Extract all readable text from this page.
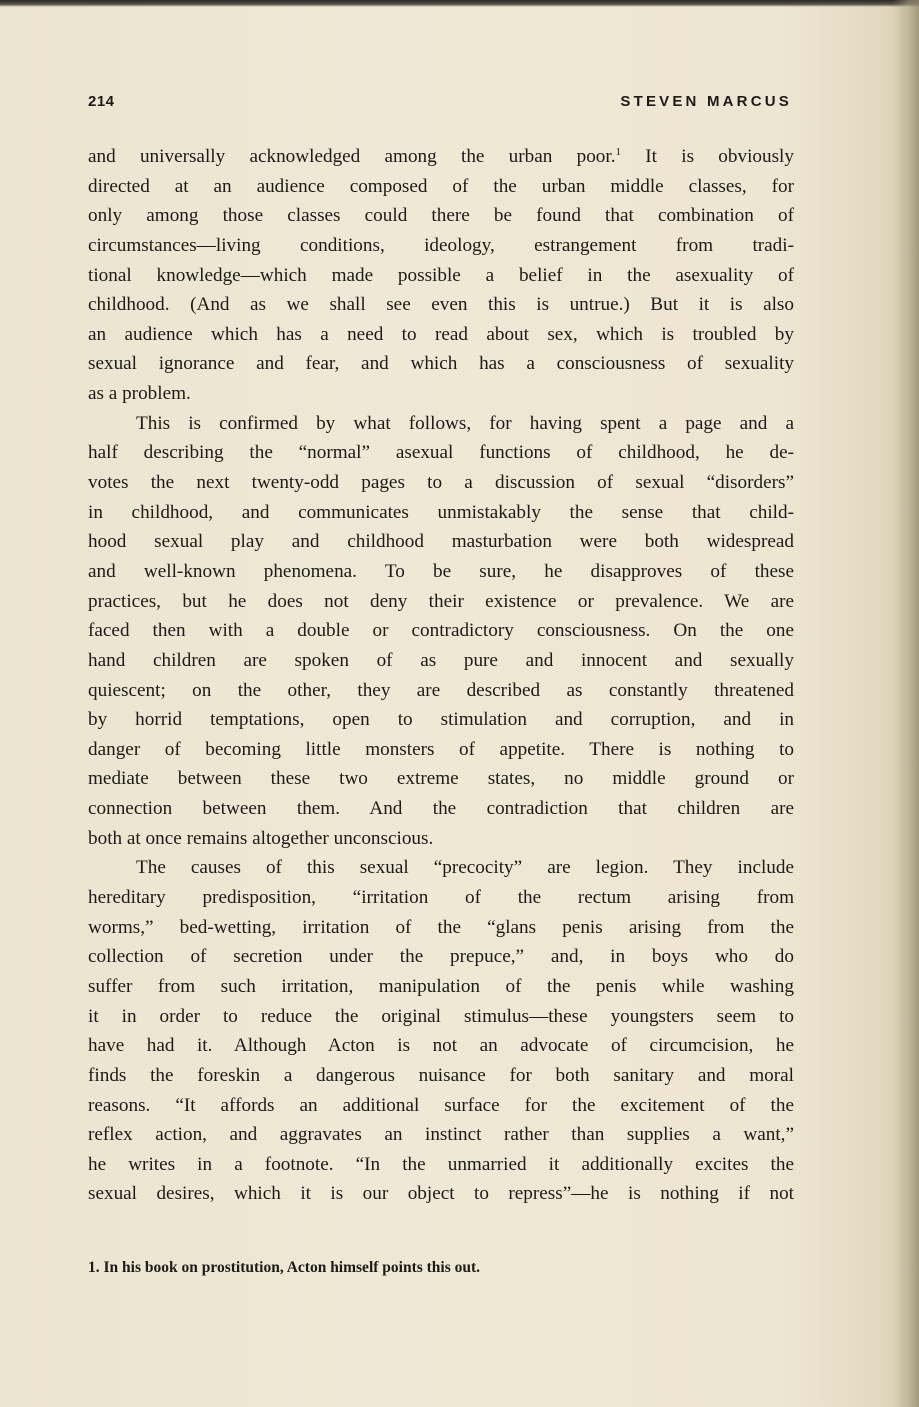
214	STEVEN MARCUS
and universally acknowledged among the urban poor.$^1$ It is obviously
directed at an audience composed of the urban middle classes, for
only among those classes could there be found that combination of
circumstances—living conditions, ideology, estrangement from tradi-
tional knowledge—which made possible a belief in the asexuality of
childhood. (And as we shall see even this is untrue.) But it is also
an audience which has a need to read about sex, which is troubled by
sexual ignorance and fear, and which has a consciousness of sexuality
as a problem.
This is confirmed by what follows, for having spent a page and a
half describing the “normal” asexual functions of childhood, he de-
votes the next twenty-odd pages to a discussion of sexual “disorders”
in childhood, and communicates unmistakably the sense that child-
hood sexual play and childhood masturbation were both widespread
and well-known phenomena. To be sure, he disapproves of these
practices, but he does not deny their existence or prevalence. We are
faced then with a double or contradictory consciousness. On the one
hand children are spoken of as pure and innocent and sexually
quiescent; on the other, they are described as constantly threatened
by horrid temptations, open to stimulation and corruption, and in
danger of becoming little monsters of appetite. There is nothing to
mediate between these two extreme states, no middle ground or
connection between them. And the contradiction that children are
both at once remains altogether unconscious.
The causes of this sexual “precocity” are legion. They include
hereditary predisposition, “irritation of the rectum arising from
worms,” bed-wetting, irritation of the “glans penis arising from the
collection of secretion under the prepuce,” and, in boys who do
suffer from such irritation, manipulation of the penis while washing
it in order to reduce the original stimulus—these youngsters seem to
have had it. Although Acton is not an advocate of circumcision, he
finds the foreskin a dangerous nuisance for both sanitary and moral
reasons. “It affords an additional surface for the excitement of the
reflex action, and aggravates an instinct rather than supplies a want,”
he writes in a footnote. “In the unmarried it additionally excites the
sexual desires, which it is our object to repress”—he is nothing if not
1. In his book on prostitution, Acton himself points this out.
